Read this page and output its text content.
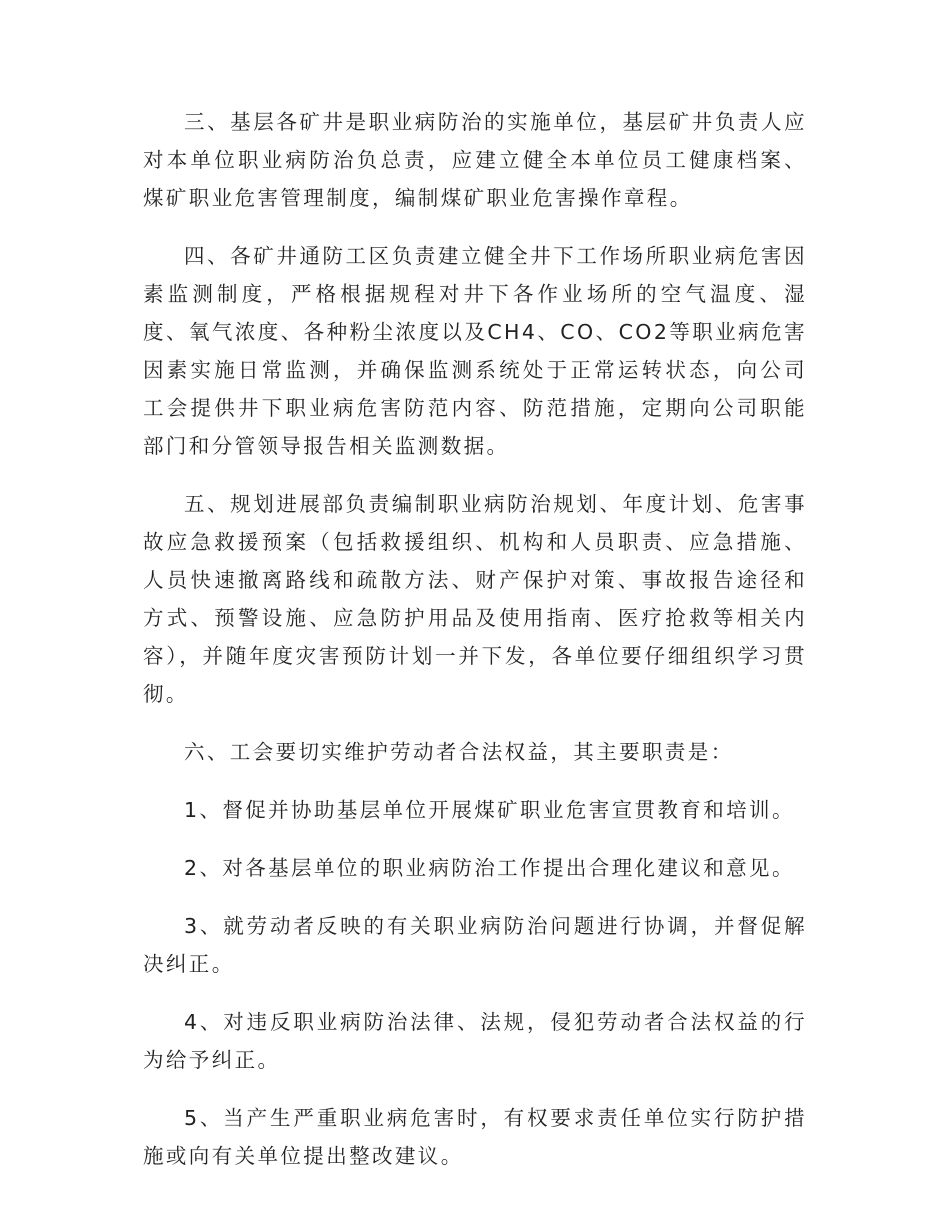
三、基层各矿井是职业病防治的实施单位，基层矿井负责人应对本单位职业病防治负总责，应建立健全本单位员工健康档案、煤矿职业危害管理制度，编制煤矿职业危害操作章程。

四、各矿井通防工区负责建立健全井下工作场所职业病危害因素监测制度，严格根据规程对井下各作业场所的空气温度、湿度、氧气浓度、各种粉尘浓度以及CH4、CO、CO2等职业病危害因素实施日常监测，并确保监测系统处于正常运转状态，向公司工会提供井下职业病危害防范内容、防范措施，定期向公司职能部门和分管领导报告相关监测数据。

五、规划进展部负责编制职业病防治规划、年度计划、危害事故应急救援预案（包括救援组织、机构和人员职责、应急措施、人员快速撤离路线和疏散方法、财产保护对策、事故报告途径和方式、预警设施、应急防护用品及使用指南、医疗抢救等相关内容），并随年度灾害预防计划一并下发，各单位要仔细组织学习贯彻。

六、工会要切实维护劳动者合法权益，其主要职责是：

1、督促并协助基层单位开展煤矿职业危害宣贯教育和培训。

2、对各基层单位的职业病防治工作提出合理化建议和意见。

3、就劳动者反映的有关职业病防治问题进行协调，并督促解决纠正。

4、对违反职业病防治法律、法规，侵犯劳动者合法权益的行为给予纠正。

5、当产生严重职业病危害时，有权要求责任单位实行防护措施或向有关单位提出整改建议。
